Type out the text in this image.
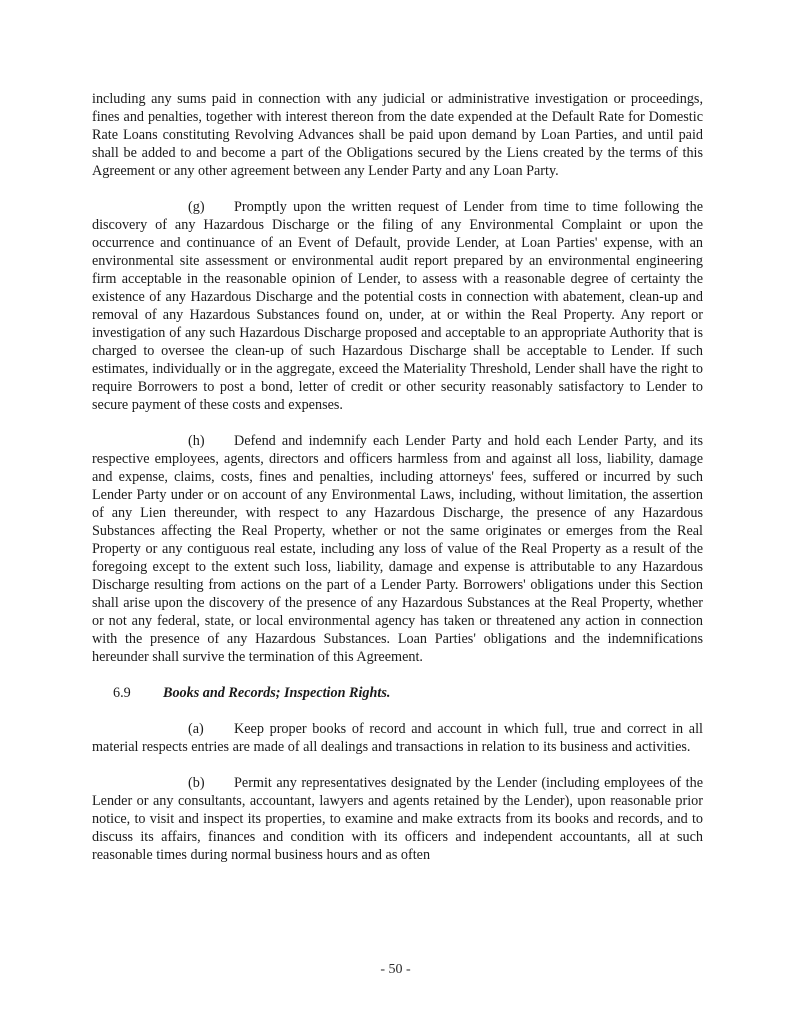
including any sums paid in connection with any judicial or administrative investigation or proceedings, fines and penalties, together with interest thereon from the date expended at the Default Rate for Domestic Rate Loans constituting Revolving Advances shall be paid upon demand by Loan Parties, and until paid shall be added to and become a part of the Obligations secured by the Liens created by the terms of this Agreement or any other agreement between any Lender Party and any Loan Party.

(g) Promptly upon the written request of Lender from time to time following the discovery of any Hazardous Discharge or the filing of any Environmental Complaint or upon the occurrence and continuance of an Event of Default, provide Lender, at Loan Parties' expense, with an environmental site assessment or environmental audit report prepared by an environmental engineering firm acceptable in the reasonable opinion of Lender, to assess with a reasonable degree of certainty the existence of any Hazardous Discharge and the potential costs in connection with abatement, clean-up and removal of any Hazardous Substances found on, under, at or within the Real Property. Any report or investigation of any such Hazardous Discharge proposed and acceptable to an appropriate Authority that is charged to oversee the clean-up of such Hazardous Discharge shall be acceptable to Lender. If such estimates, individually or in the aggregate, exceed the Materiality Threshold, Lender shall have the right to require Borrowers to post a bond, letter of credit or other security reasonably satisfactory to Lender to secure payment of these costs and expenses.

(h) Defend and indemnify each Lender Party and hold each Lender Party, and its respective employees, agents, directors and officers harmless from and against all loss, liability, damage and expense, claims, costs, fines and penalties, including attorneys' fees, suffered or incurred by such Lender Party under or on account of any Environmental Laws, including, without limitation, the assertion of any Lien thereunder, with respect to any Hazardous Discharge, the presence of any Hazardous Substances affecting the Real Property, whether or not the same originates or emerges from the Real Property or any contiguous real estate, including any loss of value of the Real Property as a result of the foregoing except to the extent such loss, liability, damage and expense is attributable to any Hazardous Discharge resulting from actions on the part of a Lender Party. Borrowers' obligations under this Section shall arise upon the discovery of the presence of any Hazardous Substances at the Real Property, whether or not any federal, state, or local environmental agency has taken or threatened any action in connection with the presence of any Hazardous Substances. Loan Parties' obligations and the indemnifications hereunder shall survive the termination of this Agreement.

6.9	Books and Records; Inspection Rights.

(a) Keep proper books of record and account in which full, true and correct in all material respects entries are made of all dealings and transactions in relation to its business and activities.

(b) Permit any representatives designated by the Lender (including employees of the Lender or any consultants, accountant, lawyers and agents retained by the Lender), upon reasonable prior notice, to visit and inspect its properties, to examine and make extracts from its books and records, and to discuss its affairs, finances and condition with its officers and independent accountants, all at such reasonable times during normal business hours and as often

- 50 -
